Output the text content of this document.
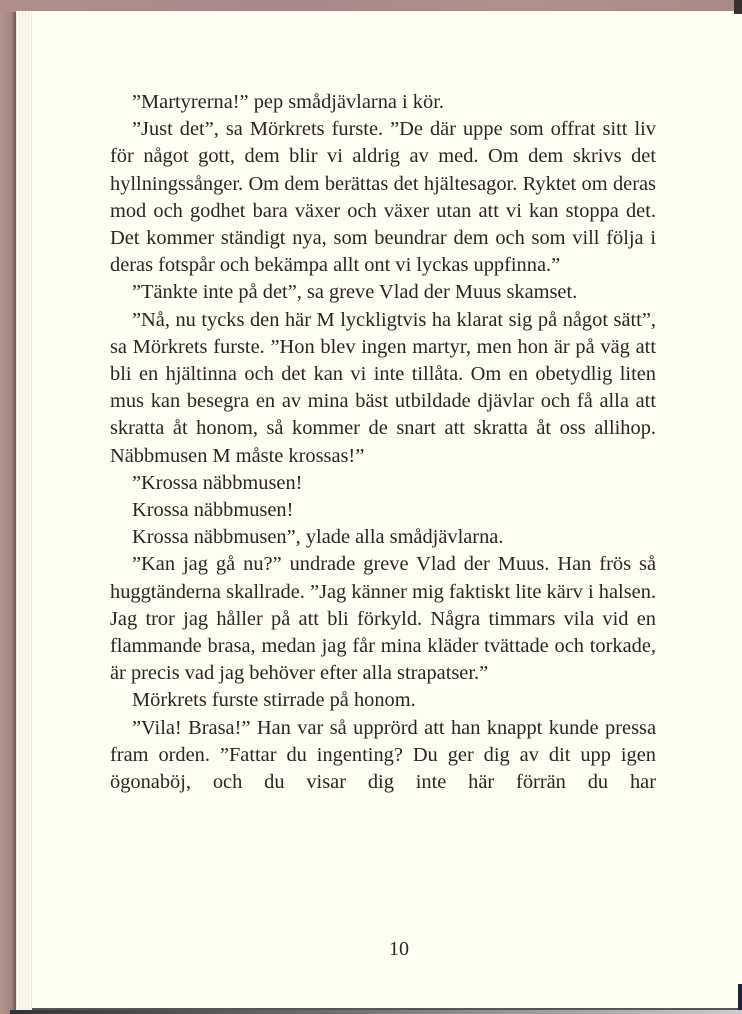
”Martyrerna!” pep smådjävlarna i kör.

”Just det”, sa Mörkrets furste. ”De där uppe som offrat sitt liv för något gott, dem blir vi aldrig av med. Om dem skrivs det hyllningssånger. Om dem berättas det hjältesagor. Ryktet om deras mod och godhet bara växer och växer utan att vi kan stoppa det. Det kommer ständigt nya, som beundrar dem och som vill följa i deras fotspår och bekämpa allt ont vi lyckas uppfinna.”

”Tänkte inte på det”, sa greve Vlad der Muus skamset.

”Nå, nu tycks den här M lyckligtvis ha klarat sig på något sätt”, sa Mörkrets furste. ”Hon blev ingen martyr, men hon är på väg att bli en hjältinna och det kan vi inte tillåta. Om en obetydlig liten mus kan besegra en av mina bäst utbildade djävlar och få alla att skratta åt honom, så kommer de snart att skratta åt oss allihop. Näbbmusen M måste krossas!”

”Krossa näbbmusen!

Krossa näbbmusen!

Krossa näbbmusen”, ylade alla smådjävlarna.

”Kan jag gå nu?” undrade greve Vlad der Muus. Han frös så huggtänderna skallrade. ”Jag känner mig faktiskt lite kärv i halsen. Jag tror jag håller på att bli förkyld. Några timmars vila vid en flammande brasa, medan jag får mina kläder tvättade och torkade, är precis vad jag behöver efter alla strapatser.”

Mörkrets furste stirrade på honom.

”Vila! Brasa!” Han var så upprörd att han knappt kunde pressa fram orden. ”Fattar du ingenting? Du ger dig av dit upp igen ögonaböj, och du visar dig inte här förrän du har

10
